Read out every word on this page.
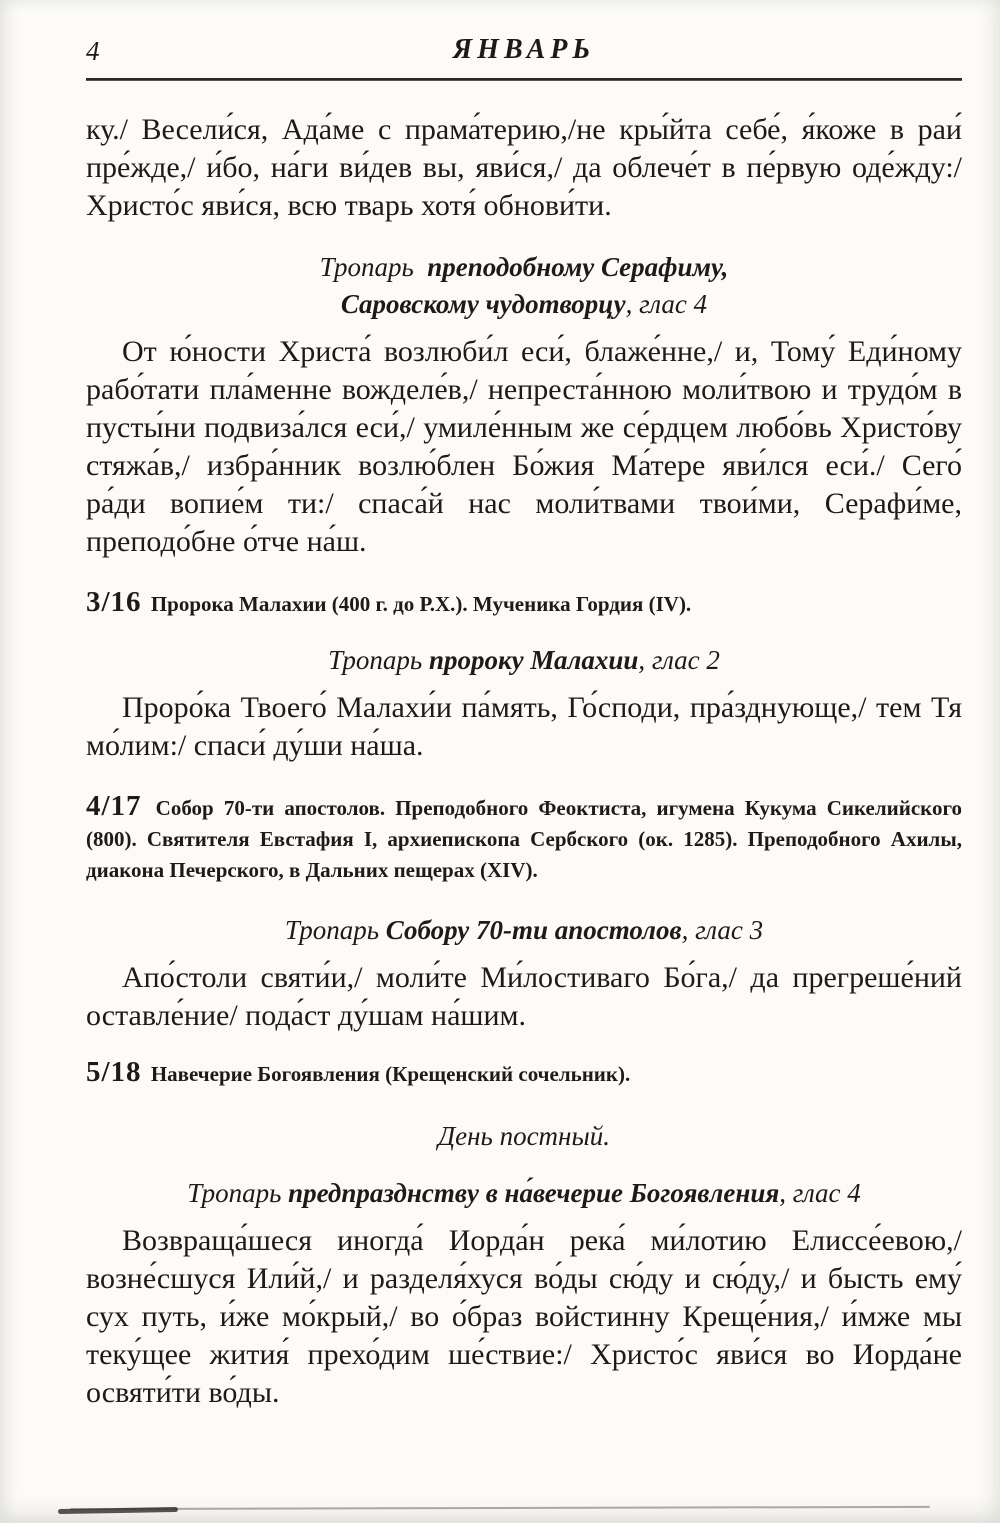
4	ЯНВАРЬ

ку./ Весели́ся, Ада́ме с прама́терию,/не кры́йта себе́, я́коже в раи́ пре́жде,/ и́бо, на́ги ви́дев вы, яви́ся,/ да облече́т в пе́рвую оде́жду:/ Христо́с яви́ся, всю тварь хотя́ обнови́ти.

Тропарь преподобному Серафиму,
Саровскому чудотворцу, глас 4

От ю́ности Христа́ возлюби́л еси́, блаже́нне,/ и, Тому́ Еди́ному рабо́тати пла́менне вожделе́в,/ непреста́нною моли́твою и трудо́м в пусты́ни подвиза́лся еси́,/ умиле́нным же се́рдцем любо́вь Христо́ву стяжа́в,/ избра́нник возлю́блен Бо́жия Ма́тере яви́лся еси́./ Сего́ ра́ди вопие́м ти:/ спаса́й нас моли́твами твои́ми, Серафи́ме, преподо́бне о́тче на́ш.

3/16 Пророка Малахии (400 г. до Р.Х.). Мученика Гордия (IV).

Тропарь пророку Малахии, глас 2

Проро́ка Твоего́ Малахи́и па́мять, Го́споди, пра́зднующе,/ тем Тя мо́лим:/ спаси́ ду́ши на́ша.

4/17 Собор 70-ти апостолов. Преподобного Феоктиста, игумена Кукума Сикелийского (800). Святителя Евстафия I, архиепископа Сербского (ок. 1285). Преподобного Ахилы, диакона Печерского, в Дальних пещерах (XIV).

Тропарь Собору 70-ти апостолов, глас 3

Апо́столи святи́и,/ моли́те Ми́лостиваго Бо́га,/ да прегреше́ний оставле́ние/ пода́ст ду́шам на́шим.

5/18 Навечерие Богоявления (Крещенский сочельник).

День постный.

Тропарь предпразднству в на́вечерие Богоявления, глас 4

Возвраща́шеся иногда́ Иорда́н река́ ми́лотию Елиссе́евою,/ возне́сшуся Или́й,/ и разделя́хуся во́ды сю́ду и сю́ду,/ и бысть ему́ сух путь, и́же мо́крый,/ во о́браз войстинну Креще́ния,/ и́мже мы теку́щее жития́ прехо́дим ше́ствие:/ Христо́с яви́ся во Иорда́не освяти́ти во́ды.
